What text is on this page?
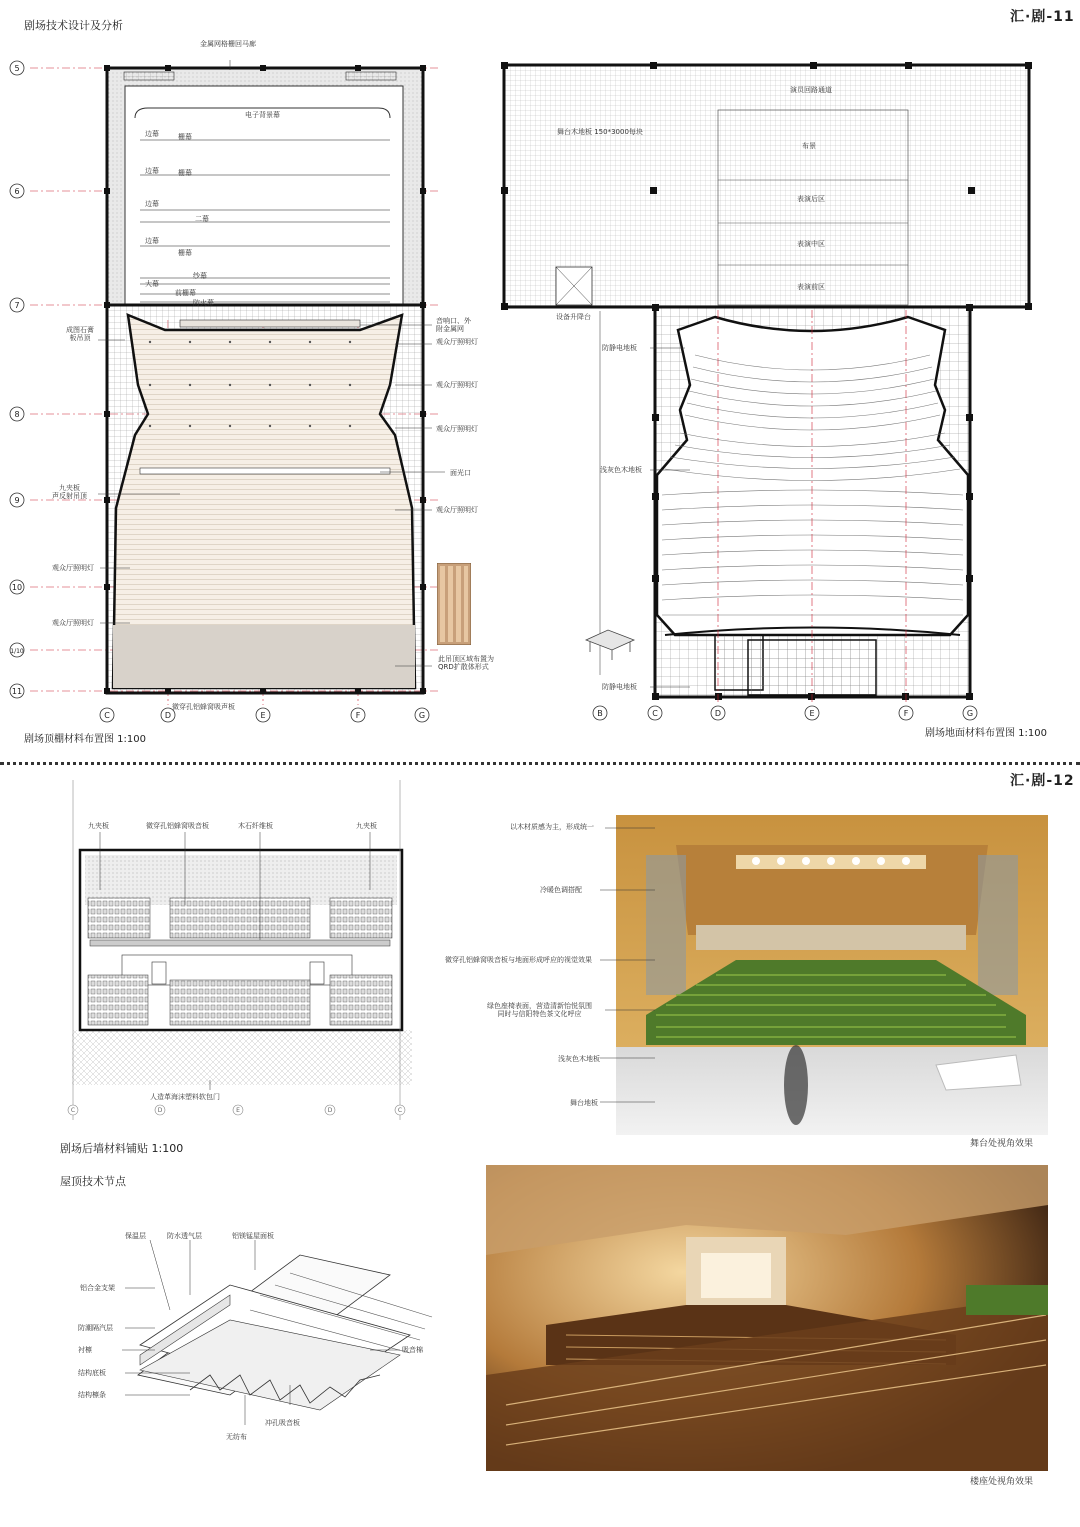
剧场技术设计及分析
汇·剧-11
5
6
7
8
9
10
1/10
11
C	D	E	F	G
金属网格栅回马廊
电子背景幕
边幕	栅幕
边幕	栅幕
边幕
二幕
边幕
栅幕
纱幕
大幕
前栅幕
防火幕
成图石膏
板吊顶
音响口、外
附金属网
观众厅照明灯
观众厅照明灯
观众厅照明灯
面光口
九夹板
声反射吊顶
观众厅照明灯
观众厅照明灯
观众厅照明灯
此吊顶区域布置为
QRD扩散体形式
微穿孔铝蜂窝吸声板
剧场顶棚材料布置图 1:100
B	C	D	E	F	G
演员回路通道
舞台木地板 150*3000每块
布景
表演后区
表演中区
表演前区
设备升降台
防静电地板
浅灰色木地板
防静电地板
剧场地面材料布置图 1:100
汇·剧-12
C	D	E	D	C
九夹板	微穿孔铝蜂窝吸音板	木石纤维板	九夹板
人造革海沫塑料软包门
剧场后墙材料铺贴 1:100
屋顶技术节点
保温层	防水透气层	铝镁锰屋面板
铝合金支架
防潮隔汽层
衬檩
结构底板
结构檩条
吸音棉
冲孔吸音板
无纺布
以木材质感为主，形成统一
冷暖色调搭配
微穿孔铝蜂窝吸音板与地面形成呼应的视觉效果
绿色座椅表面，营造清新怡悦氛围
同时与信阳特色茶文化呼应
浅灰色木地板
舞台地板
舞台处视角效果
楼座处视角效果
